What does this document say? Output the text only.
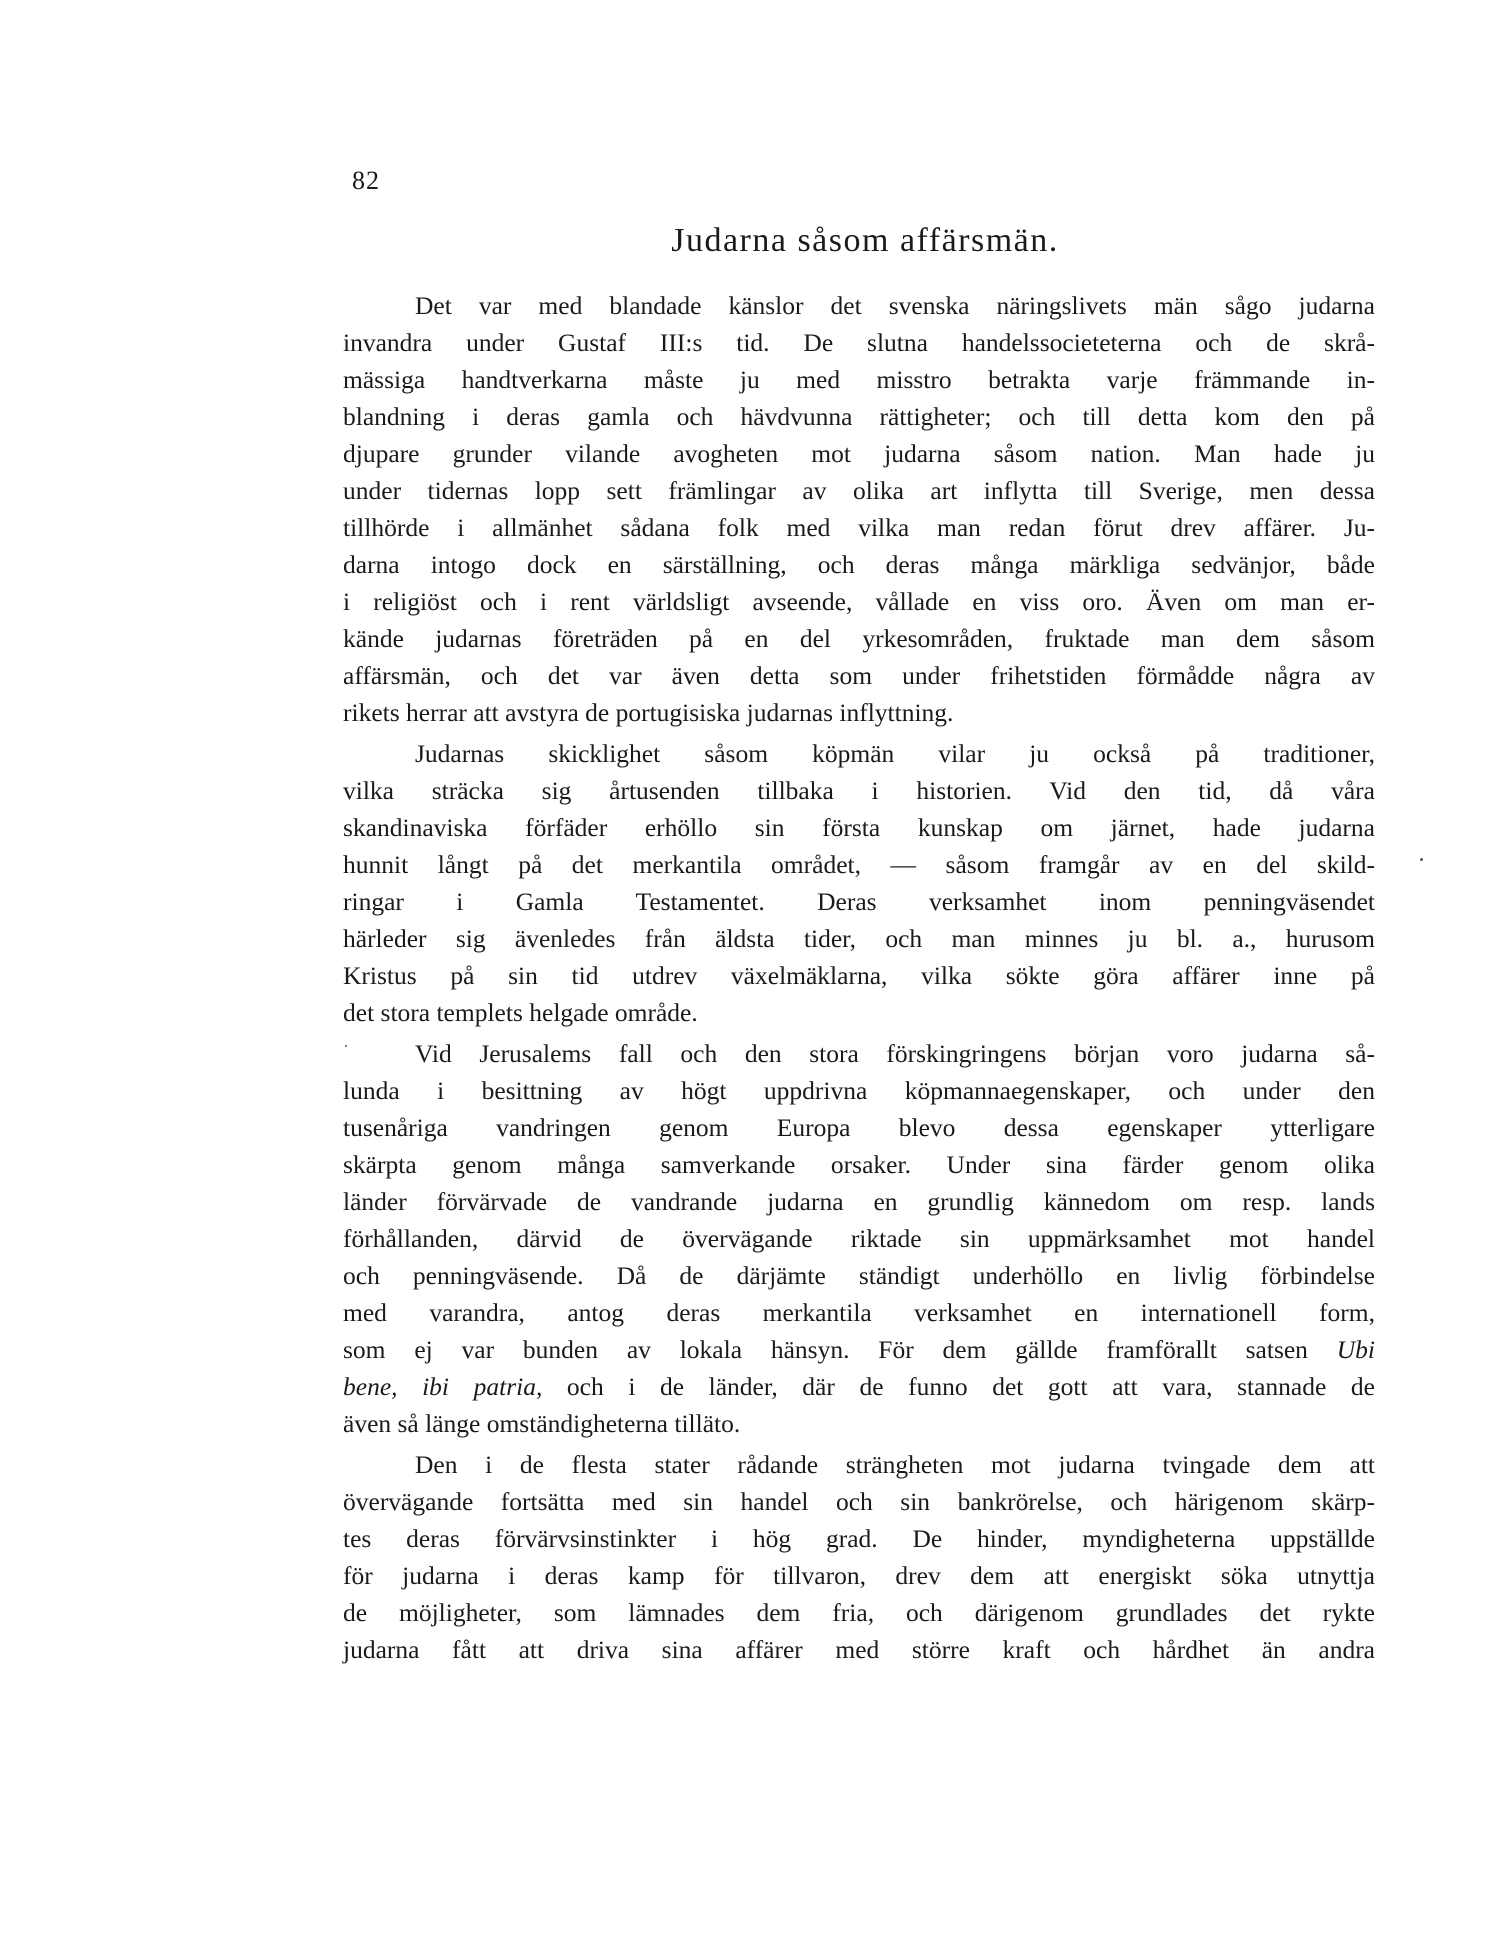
82
Judarna såsom affärsmän.
Det var med blandade känslor det svenska näringslivets män sågo judarna
invandra under Gustaf III:s tid. De slutna handelssocieteterna och de skrå-
mässiga handtverkarna måste ju med misstro betrakta varje främmande in-
blandning i deras gamla och hävdvunna rättigheter; och till detta kom den på
djupare grunder vilande avogheten mot judarna såsom nation. Man hade ju
under tidernas lopp sett främlingar av olika art inflytta till Sverige, men dessa
tillhörde i allmänhet sådana folk med vilka man redan förut drev affärer. Ju-
darna intogo dock en särställning, och deras många märkliga sedvänjor, både
i religiöst och i rent världsligt avseende, vållade en viss oro. Även om man er-
kände judarnas företräden på en del yrkesområden, fruktade man dem såsom
affärsmän, och det var även detta som under frihetstiden förmådde några av
rikets herrar att avstyra de portugisiska judarnas inflyttning.
Judarnas skicklighet såsom köpmän vilar ju också på traditioner,
vilka sträcka sig årtusenden tillbaka i historien. Vid den tid, då våra
skandinaviska förfäder erhöllo sin första kunskap om järnet, hade judarna
hunnit långt på det merkantila området, — såsom framgår av en del skild-
ringar i Gamla Testamentet. Deras verksamhet inom penningväsendet
härleder sig ävenledes från äldsta tider, och man minnes ju bl. a., hurusom
Kristus på sin tid utdrev växelmäklarna, vilka sökte göra affärer inne på
det stora templets helgade område.
Vid Jerusalems fall och den stora förskingringens början voro judarna så-
lunda i besittning av högt uppdrivna köpmannaegenskaper, och under den
tusenåriga vandringen genom Europa blevo dessa egenskaper ytterligare
skärpta genom många samverkande orsaker. Under sina färder genom olika
länder förvärvade de vandrande judarna en grundlig kännedom om resp. lands
förhållanden, därvid de övervägande riktade sin uppmärksamhet mot handel
och penningväsende. Då de därjämte ständigt underhöllo en livlig förbindelse
med varandra, antog deras merkantila verksamhet en internationell form,
som ej var bunden av lokala hänsyn. För dem gällde framförallt satsen Ubi
bene, ibi patria, och i de länder, där de funno det gott att vara, stannade de
även så länge omständigheterna tilläto.
Den i de flesta stater rådande strängheten mot judarna tvingade dem att
övervägande fortsätta med sin handel och sin bankrörelse, och härigenom skärp-
tes deras förvärvsinstinkter i hög grad. De hinder, myndigheterna uppställde
för judarna i deras kamp för tillvaron, drev dem att energiskt söka utnyttja
de möjligheter, som lämnades dem fria, och därigenom grundlades det rykte
judarna fått att driva sina affärer med större kraft och hårdhet än andra
